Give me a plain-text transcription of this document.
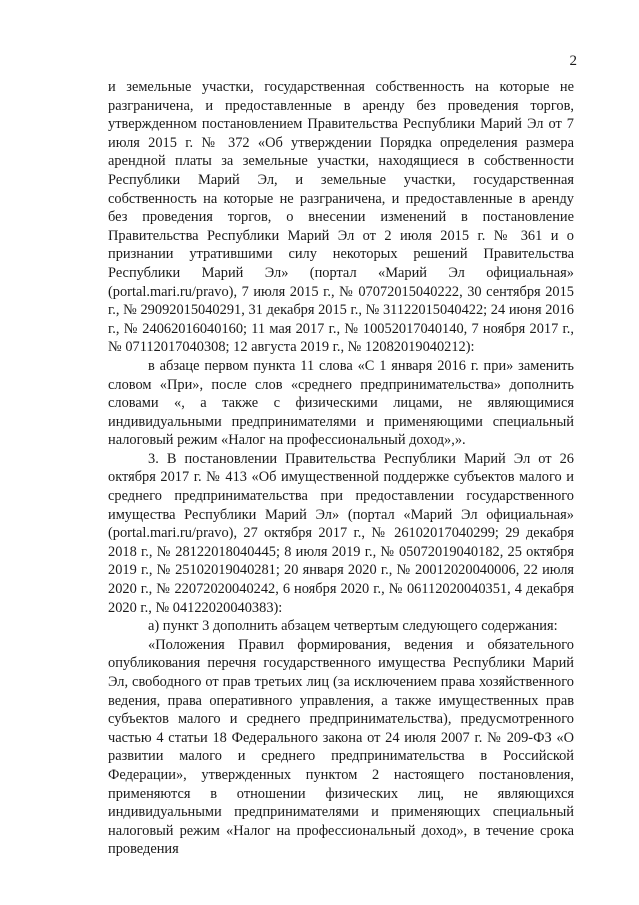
2

и земельные участки, государственная собственность на которые не разграничена, и предоставленные в аренду без проведения торгов, утвержденном постановлением Правительства Республики Марий Эл от 7 июля 2015 г. № 372 «Об утверждении Порядка определения размера арендной платы за земельные участки, находящиеся в собственности Республики Марий Эл, и земельные участки, государственная собственность на которые не разграничена, и предоставленные в аренду без проведения торгов, о внесении изменений в постановление Правительства Республики Марий Эл от 2 июля 2015 г. № 361 и о признании утратившими силу некоторых решений Правительства Республики Марий Эл» (портал «Марий Эл официальная» (portal.mari.ru/pravo), 7 июля 2015 г., № 07072015040222, 30 сентября 2015 г., № 29092015040291, 31 декабря 2015 г., № 31122015040422; 24 июня 2016 г., № 24062016040160; 11 мая 2017 г., № 10052017040140, 7 ноября 2017 г., № 07112017040308; 12 августа 2019 г., № 12082019040212):

в абзаце первом пункта 11 слова «С 1 января 2016 г. при» заменить словом «При», после слов «среднего предпринимательства» дополнить словами «, а также с физическими лицами, не являющимися индивидуальными предпринимателями и применяющими специальный налоговый режим «Налог на профессиональный доход»,».

3. В постановлении Правительства Республики Марий Эл от 26 октября 2017 г. № 413 «Об имущественной поддержке субъектов малого и среднего предпринимательства при предоставлении государственного имущества Республики Марий Эл» (портал «Марий Эл официальная» (portal.mari.ru/pravo), 27 октября 2017 г., № 26102017040299; 29 декабря 2018 г., № 28122018040445; 8 июля 2019 г., № 05072019040182, 25 октября 2019 г., № 25102019040281; 20 января 2020 г., № 20012020040006, 22 июля 2020 г., № 22072020040242, 6 ноября 2020 г., № 06112020040351, 4 декабря 2020 г., № 04122020040383):

а) пункт 3 дополнить абзацем четвертым следующего содержания:

«Положения Правил формирования, ведения и обязательного опубликования перечня государственного имущества Республики Марий Эл, свободного от прав третьих лиц (за исключением права хозяйственного ведения, права оперативного управления, а также имущественных прав субъектов малого и среднего предпринимательства), предусмотренного частью 4 статьи 18 Федерального закона от 24 июля 2007 г. № 209-ФЗ «О развитии малого и среднего предпринимательства в Российской Федерации», утвержденных пунктом 2 настоящего постановления, применяются в отношении физических лиц, не являющихся индивидуальными предпринимателями и применяющих специальный налоговый режим «Налог на профессиональный доход», в течение срока проведения
